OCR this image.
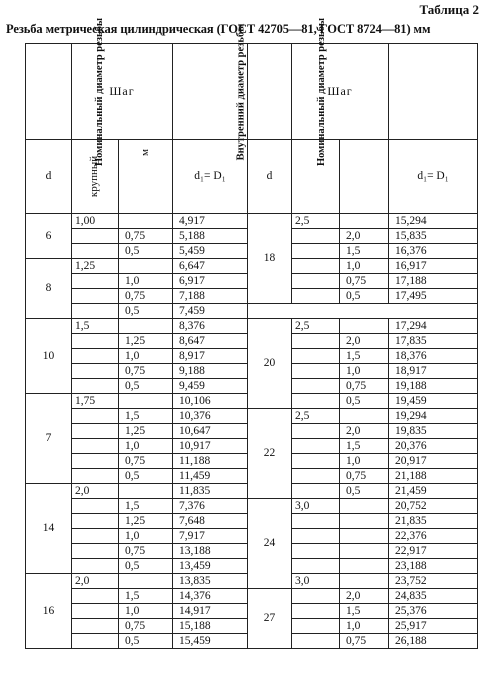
Таблица 2
Резьба метрическая цилиндрическая (ГОСТ 42705—81, ГОСТ 8724—81) мм
Номинальный диаметр резьбы	Шаг		Внутренний диаметр резьбы	Номинальный диаметр резьбы	Шаг		
d	крупный	м	d₁= D₁	d			d₁= D₁
6	1,00		4,917	18	2,5		15,294
		0,75	5,188			2,0	15,835
		0,5	5,459			1,5	16,376
8	1,25		6,647			1,0	16,917
		1,0	6,917			0,75	17,188
		0,75	7,188			0,5	17,495
		0,5	7,459				
10	1,5		8,376	20	2,5		17,294
		1,25	8,647			2,0	17,835
		1,0	8,917			1,5	18,376
		0,75	9,188			1,0	18,917
		0,5	9,459			0,75	19,188
7	1,75		10,106			0,5	19,459
		1,5	10,376	22	2,5		19,294
		1,25	10,647			2,0	19,835
		1,0	10,917			1,5	20,376
		0,75	11,188			1,0	20,917
		0,5	11,459			0,75	21,188
14	2,0		11,835			0,5	21,459
		1,5	7,376	24	3,0		20,752
		1,25	7,648				21,835
		1,0	7,917				22,376
		0,75	13,188				22,917
		0,5	13,459				23,188
16	2,0		13,835		3,0		23,752
		1,5	14,376	27		2,0	24,835
		1,0	14,917			1,5	25,376
		0,75	15,188			1,0	25,917
		0,5	15,459			0,75	26,188
